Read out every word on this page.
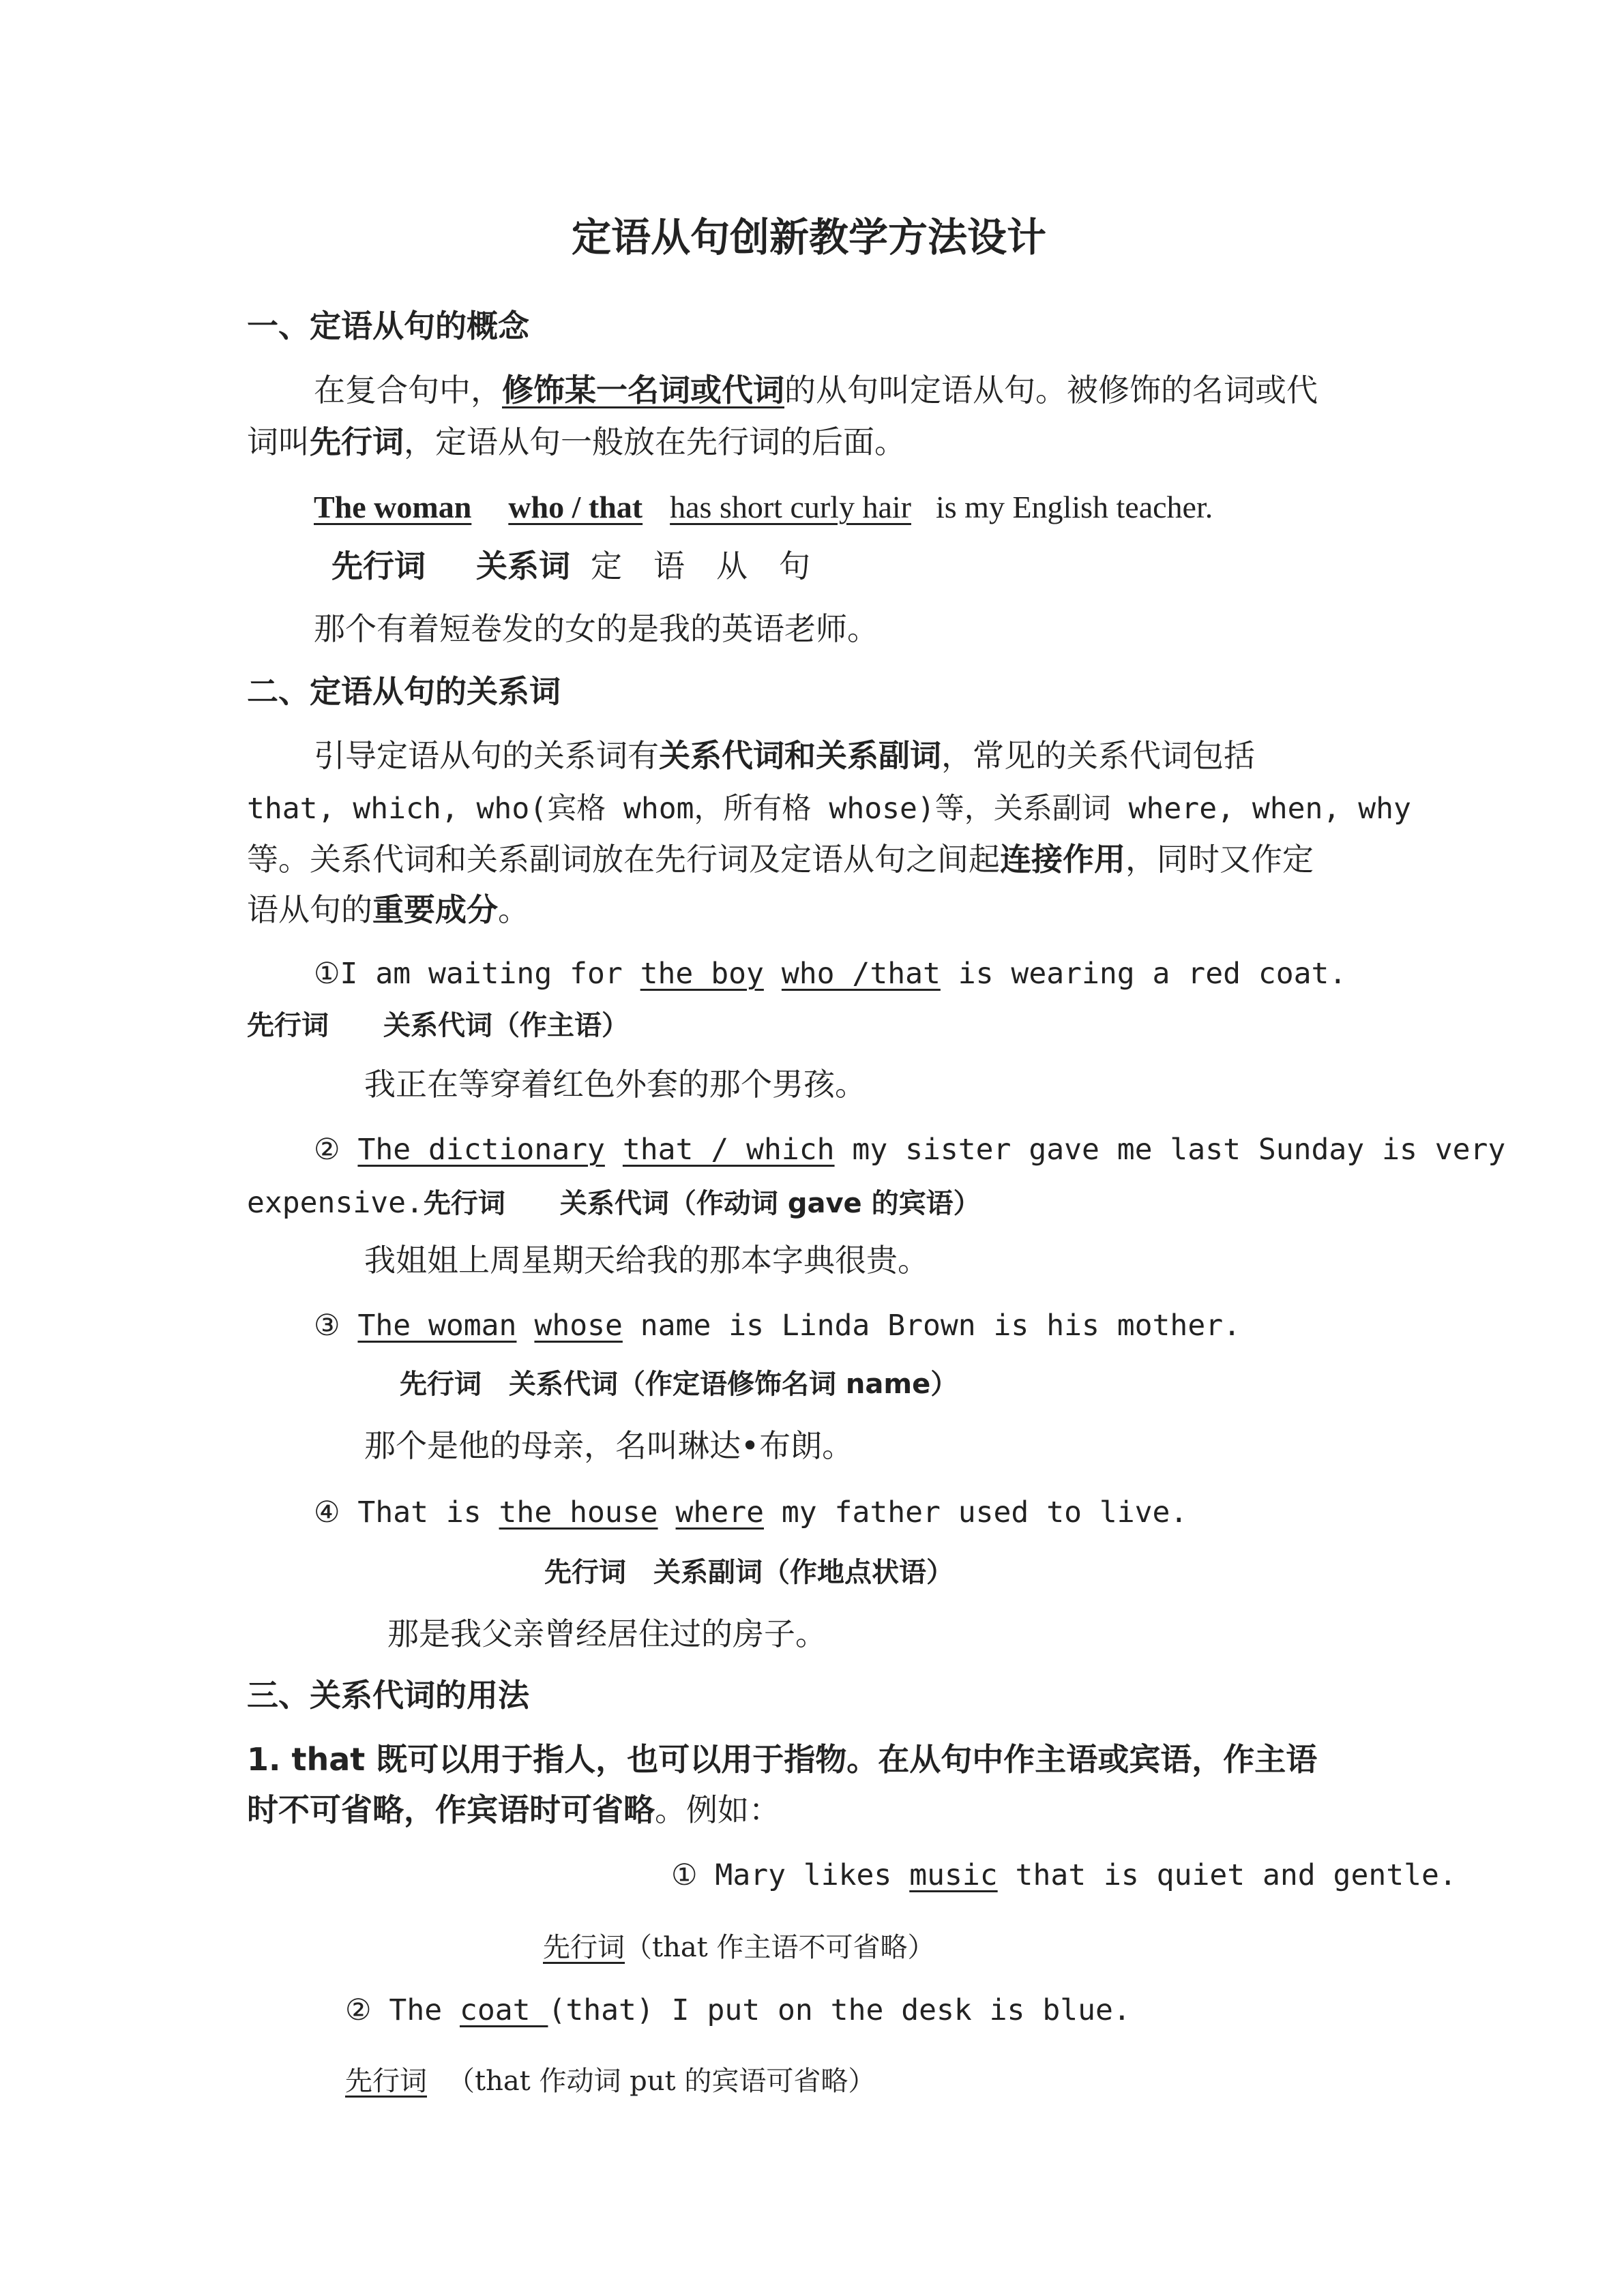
定语从句创新教学方法设计
一、定语从句的概念
在复合句中，修饰某一名词或代词的从句叫定语从句。被修饰的名词或代
词叫先行词，定语从句一般放在先行词的后面。
The woman who / that has short curly hair is my English teacher.
先行词 关系词 定　语　从　句
那个有着短卷发的女的是我的英语老师。
二、定语从句的关系词
引导定语从句的关系词有关系代词和关系副词，常见的关系代词包括
that, which, who(宾格 whom，所有格 whose)等，关系副词 where, when, why
等。关系代词和关系副词放在先行词及定语从句之间起连接作用，同时又作定
语从句的重要成分。
①I am waiting for the boy who /that is wearing a red coat.
先行词　　关系代词（作主语）
我正在等穿着红色外套的那个男孩。
② The dictionary that / which my sister gave me last Sunday is very
expensive.先行词　　关系代词（作动词 gave 的宾语）
我姐姐上周星期天给我的那本字典很贵。
③ The woman whose name is Linda Brown is his mother.
先行词　关系代词（作定语修饰名词 name）
那个是他的母亲，名叫琳达•布朗。
④ That is the house where my father used to live.
先行词　关系副词（作地点状语）
那是我父亲曾经居住过的房子。
三、关系代词的用法
1. that 既可以用于指人，也可以用于指物。在从句中作主语或宾语，作主语
时不可省略，作宾语时可省略。例如：
① Mary likes music that is quiet and gentle.
先行词（that 作主语不可省略）
② The coat (that) I put on the desk is blue.
先行词 （that 作动词 put 的宾语可省略）
